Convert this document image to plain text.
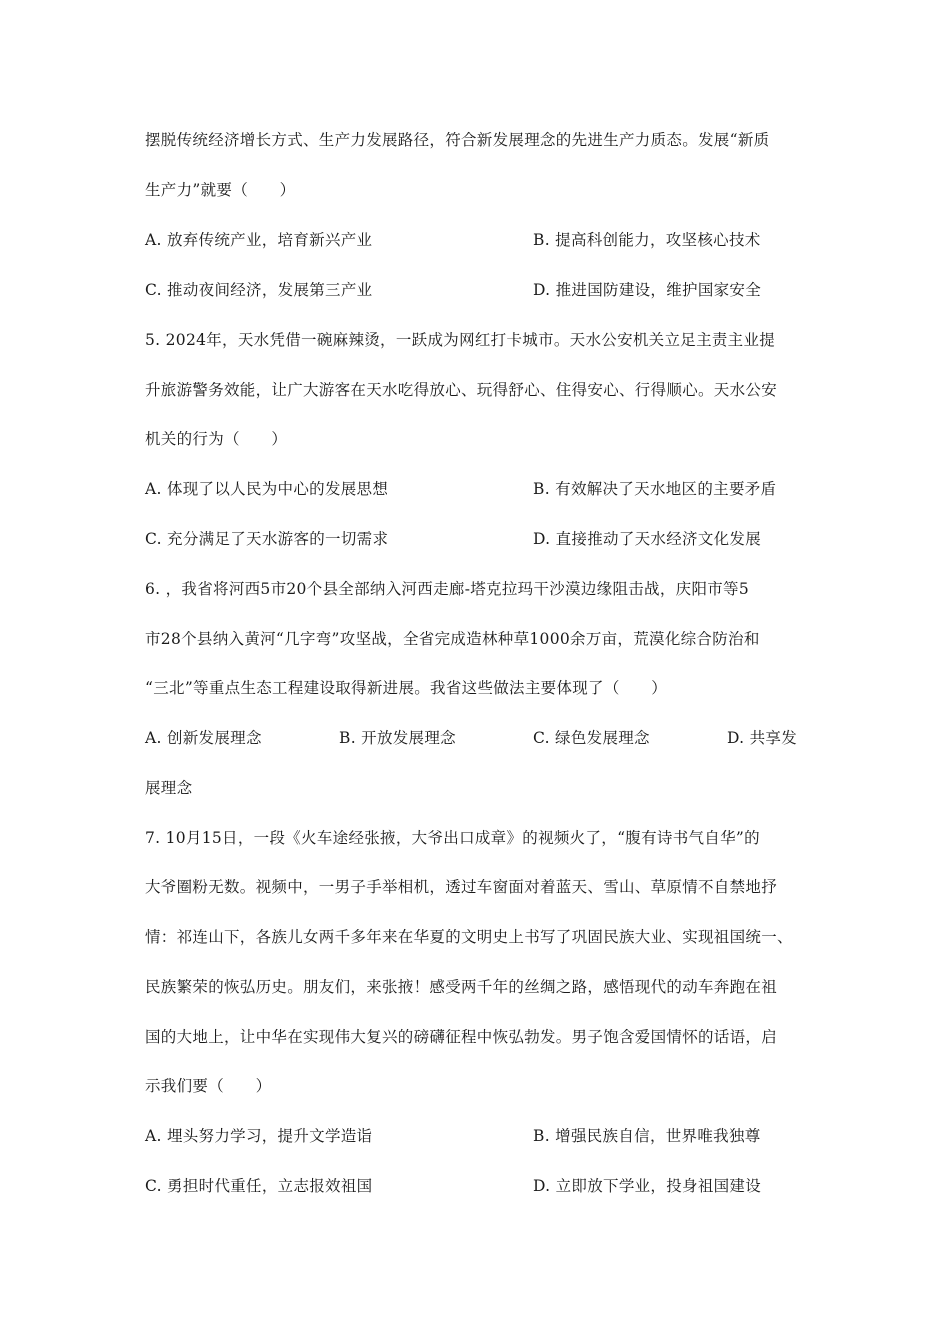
摆脱传统经济增长方式、生产力发展路径，符合新发展理念的先进生产力质态。发展“新质
生产力”就要（　　）
A. 放弃传统产业，培育新兴产业	B. 提高科创能力，攻坚核心技术
C. 推动夜间经济，发展第三产业	D. 推进国防建设，维护国家安全
5. 2024年，天水凭借一碗麻辣烫，一跃成为网红打卡城市。天水公安机关立足主责主业提
升旅游警务效能，让广大游客在天水吃得放心、玩得舒心、住得安心、行得顺心。天水公安
机关的行为（　　）
A. 体现了以人民为中心的发展思想	B. 有效解决了天水地区的主要矛盾
C. 充分满足了天水游客的一切需求	D. 直接推动了天水经济文化发展
6. ，我省将河西5市20个县全部纳入河西走廊-塔克拉玛干沙漠边缘阻击战，庆阳市等5
市28个县纳入黄河“几字弯”攻坚战，全省完成造林种草1000余万亩，荒漠化综合防治和
“三北”等重点生态工程建设取得新进展。我省这些做法主要体现了（　　）
A. 创新发展理念	B. 开放发展理念	C. 绿色发展理念	D. 共享发
展理念
7. 10月15日，一段《火车途经张掖，大爷出口成章》的视频火了，“腹有诗书气自华”的
大爷圈粉无数。视频中，一男子手举相机，透过车窗面对着蓝天、雪山、草原情不自禁地抒
情：祁连山下，各族儿女两千多年来在华夏的文明史上书写了巩固民族大业、实现祖国统一、
民族繁荣的恢弘历史。朋友们，来张掖！感受两千年的丝绸之路，感悟现代的动车奔跑在祖
国的大地上，让中华在实现伟大复兴的磅礴征程中恢弘勃发。男子饱含爱国情怀的话语，启
示我们要（　　）
A. 埋头努力学习，提升文学造诣	B. 增强民族自信，世界唯我独尊
C. 勇担时代重任，立志报效祖国	D. 立即放下学业，投身祖国建设
